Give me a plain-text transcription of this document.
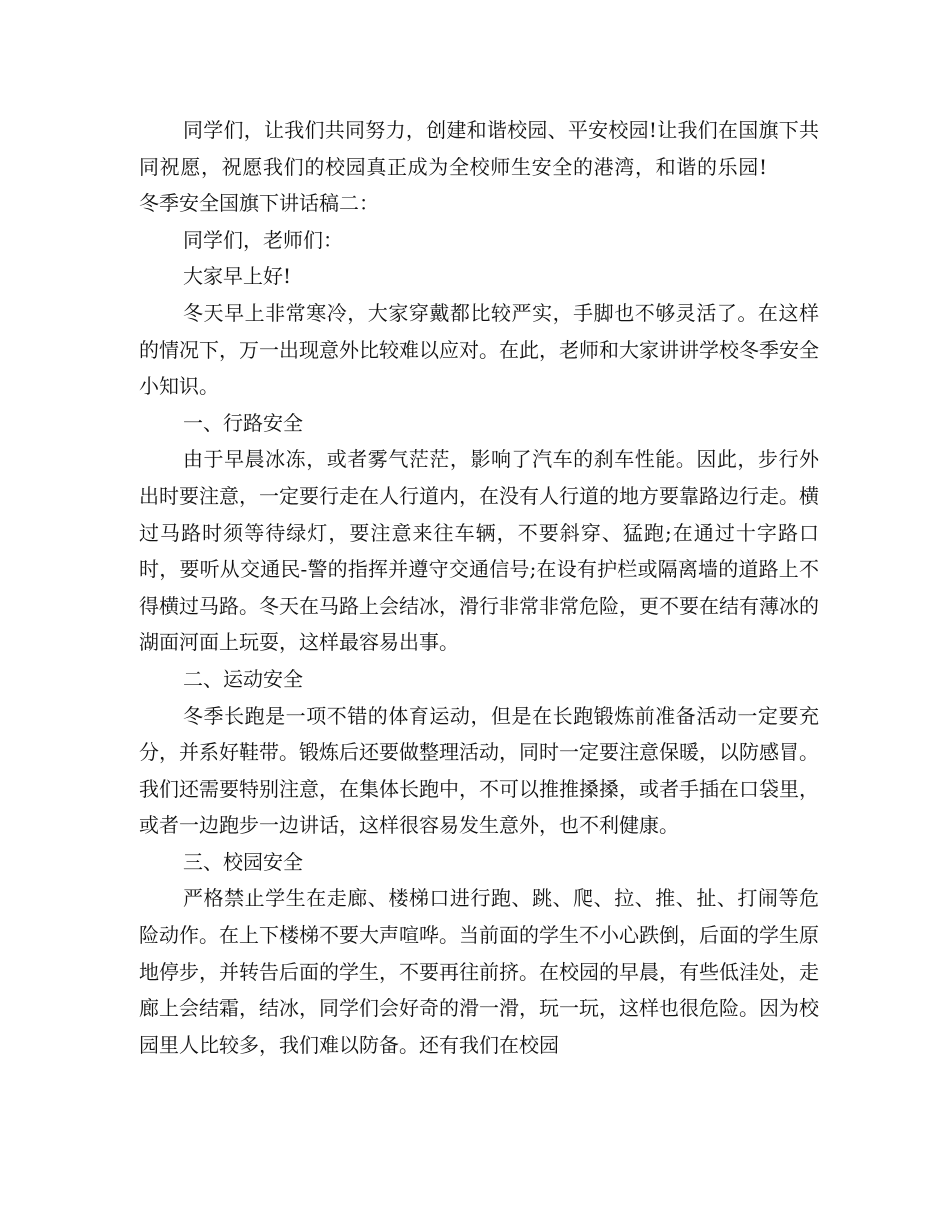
同学们，让我们共同努力，创建和谐校园、平安校园!让我们在国旗下共同祝愿，祝愿我们的校园真正成为全校师生安全的港湾，和谐的乐园!冬季安全国旗下讲话稿二：

同学们，老师们：

大家早上好!

冬天早上非常寒冷，大家穿戴都比较严实，手脚也不够灵活了。在这样的情况下，万一出现意外比较难以应对。在此，老师和大家讲讲学校冬季安全小知识。

一、行路安全

由于早晨冰冻，或者雾气茫茫，影响了汽车的刹车性能。因此，步行外出时要注意，一定要行走在人行道内，在没有人行道的地方要靠路边行走。横过马路时须等待绿灯，要注意来往车辆，不要斜穿、猛跑;在通过十字路口时，要听从交通民-警的指挥并遵守交通信号;在设有护栏或隔离墙的道路上不得横过马路。冬天在马路上会结冰，滑行非常非常危险，更不要在结有薄冰的湖面河面上玩耍，这样最容易出事。

二、运动安全

冬季长跑是一项不错的体育运动，但是在长跑锻炼前准备活动一定要充分，并系好鞋带。锻炼后还要做整理活动，同时一定要注意保暖，以防感冒。我们还需要特别注意，在集体长跑中，不可以推推搡搡，或者手插在口袋里，或者一边跑步一边讲话，这样很容易发生意外，也不利健康。

三、校园安全

严格禁止学生在走廊、楼梯口进行跑、跳、爬、拉、推、扯、打闹等危险动作。在上下楼梯不要大声喧哗。当前面的学生不小心跌倒，后面的学生原地停步，并转告后面的学生，不要再往前挤。在校园的早晨，有些低洼处，走廊上会结霜，结冰，同学们会好奇的滑一滑，玩一玩，这样也很危险。因为校园里人比较多，我们难以防备。还有我们在校园
